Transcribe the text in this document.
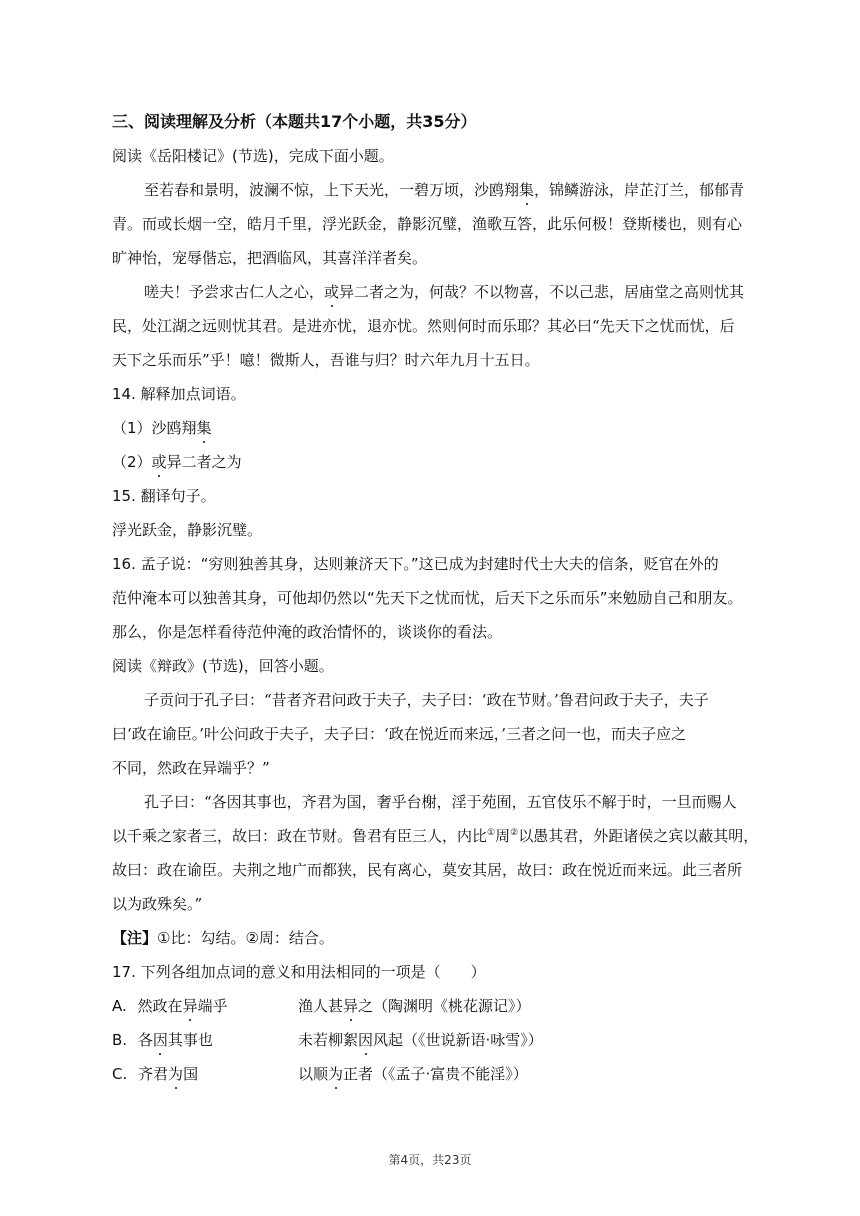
三、阅读理解及分析（本题共17个小题，共35分）
阅读《岳阳楼记》(节选)，完成下面小题。
至若春和景明，波澜不惊，上下天光，一碧万顷，沙鸥翔集，锦鳞游泳，岸芷汀兰，郁郁青
青。而或长烟一空，皓月千里，浮光跃金，静影沉璧，渔歌互答，此乐何极！登斯楼也，则有心
旷神怡，宠辱偕忘，把酒临风，其喜洋洋者矣。
嗟夫！予尝求古仁人之心，或异二者之为，何哉？不以物喜，不以己悲，居庙堂之高则忧其
民，处江湖之远则忧其君。是进亦忧，退亦忧。然则何时而乐耶？其必曰“先天下之忧而忧，后
天下之乐而乐”乎！噫！微斯人，吾谁与归？时六年九月十五日。
14. 解释加点词语。
（1）沙鸥翔集
（2）或异二者之为
15. 翻译句子。
浮光跃金，静影沉璧。
16. 孟子说：“穷则独善其身，达则兼济天下。”这已成为封建时代士大夫的信条，贬官在外的
范仲淹本可以独善其身，可他却仍然以“先天下之忧而忧，后天下之乐而乐”来勉励自己和朋友。
那么，你是怎样看待范仲淹的政治情怀的，谈谈你的看法。
阅读《辩政》(节选)，回答小题。
子贡问于孔子曰：“昔者齐君问政于夫子，夫子曰：‘政在节财。’鲁君问政于夫子，夫子
曰‘政在谕臣。’叶公问政于夫子，夫子曰：‘政在悦近而来远，’三者之问一也，而夫子应之
不同，然政在异端乎？”
孔子曰：“各因其事也，齐君为国，奢乎台榭，淫于苑囿，五官伎乐不解于时，一旦而赐人
以千乘之家者三，故曰：政在节财。鲁君有臣三人，内比①周②以愚其君，外距诸侯之宾以蔽其明，
故曰：政在谕臣。夫荆之地广而都狭，民有离心，莫安其居，故曰：政在悦近而来远。此三者所
以为政殊矣。”
【注】①比：勾结。②周：结合。
17. 下列各组加点词的意义和用法相同的一项是（　　）
A. 然政在异端乎	渔人甚异之（陶渊明《桃花源记》）
B. 各因其事也	未若柳絮因风起（《世说新语·咏雪》）
C. 齐君为国	以顺为正者（《孟子·富贵不能淫》）
第4页，共23页
